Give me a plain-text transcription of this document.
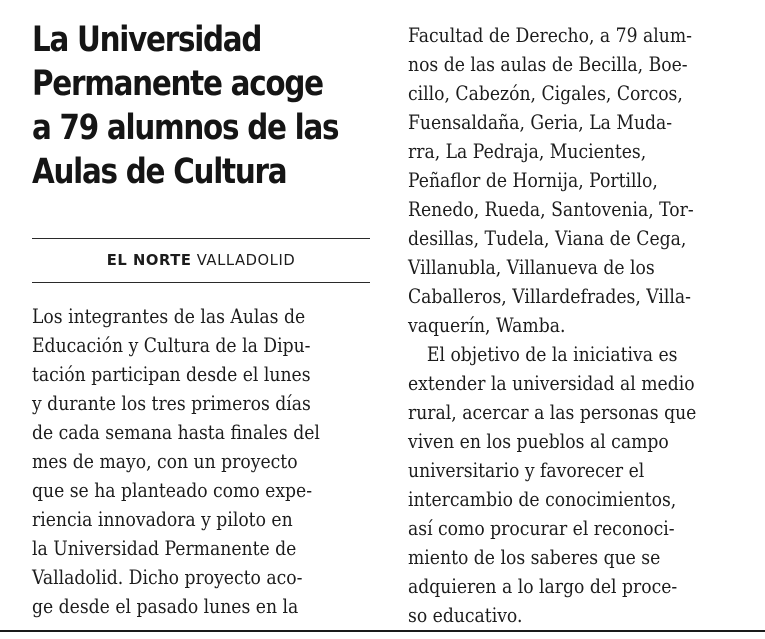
La Universidad
Permanente acoge
a 79 alumnos de las
Aulas de Cultura
EL NORTE VALLADOLID
Los integrantes de las Aulas de
Educación y Cultura de la Dipu-
tación participan desde el lunes
y durante los tres primeros días
de cada semana hasta finales del
mes de mayo, con un proyecto
que se ha planteado como expe-
riencia innovadora y piloto en
la Universidad Permanente de
Valladolid. Dicho proyecto aco-
ge desde el pasado lunes en la
Facultad de Derecho, a 79 alum-
nos de las aulas de Becilla, Boe-
cillo, Cabezón, Cigales, Corcos,
Fuensaldaña, Geria, La Muda-
rra, La Pedraja, Mucientes,
Peñaflor de Hornija, Portillo,
Renedo, Rueda, Santovenia, Tor-
desillas, Tudela, Viana de Cega,
Villanubla, Villanueva de los
Caballeros, Villardefrades, Villa-
vaquerín, Wamba.
El objetivo de la iniciativa es
extender la universidad al medio
rural, acercar a las personas que
viven en los pueblos al campo
universitario y favorecer el
intercambio de conocimientos,
así como procurar el reconoci-
miento de los saberes que se
adquieren a lo largo del proce-
so educativo.
